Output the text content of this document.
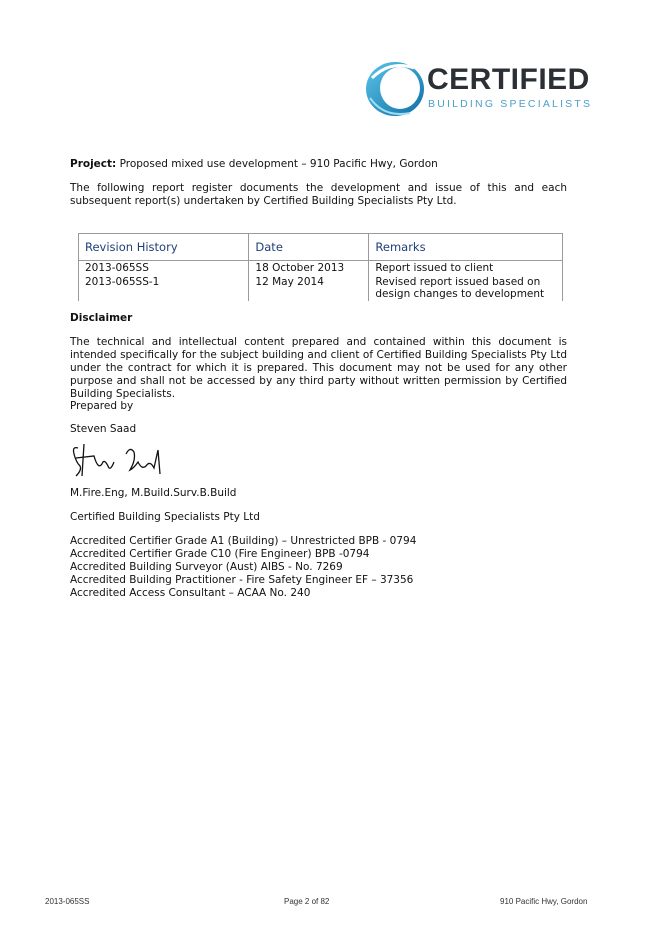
CERTIFIED
BUILDING SPECIALISTS
Project: Proposed mixed use development – 910 Pacific Hwy, Gordon
The following report register documents the development and issue of this and each subsequent report(s) undertaken by Certified Building Specialists Pty Ltd.
Revision History	Date	Remarks
2013-065SS	18 October 2013	Report issued to client
2013-065SS-1	12 May 2014	Revised report issued based on design changes to development
Disclaimer
The technical and intellectual content prepared and contained within this document is intended specifically for the subject building and client of Certified Building Specialists Pty Ltd under the contract for which it is prepared. This document may not be used for any other purpose and shall not be accessed by any third party without written permission by Certified Building Specialists.
Prepared by
Steven Saad
M.Fire.Eng, M.Build.Surv.B.Build
Certified Building Specialists Pty Ltd
Accredited Certifier Grade A1 (Building) – Unrestricted BPB - 0794
Accredited Certifier Grade C10 (Fire Engineer) BPB -0794
Accredited Building Surveyor (Aust) AIBS - No. 7269
Accredited Building Practitioner - Fire Safety Engineer EF – 37356
Accredited Access Consultant – ACAA No. 240
2013-065SS	Page 2 of 82	910 Pacific Hwy, Gordon
